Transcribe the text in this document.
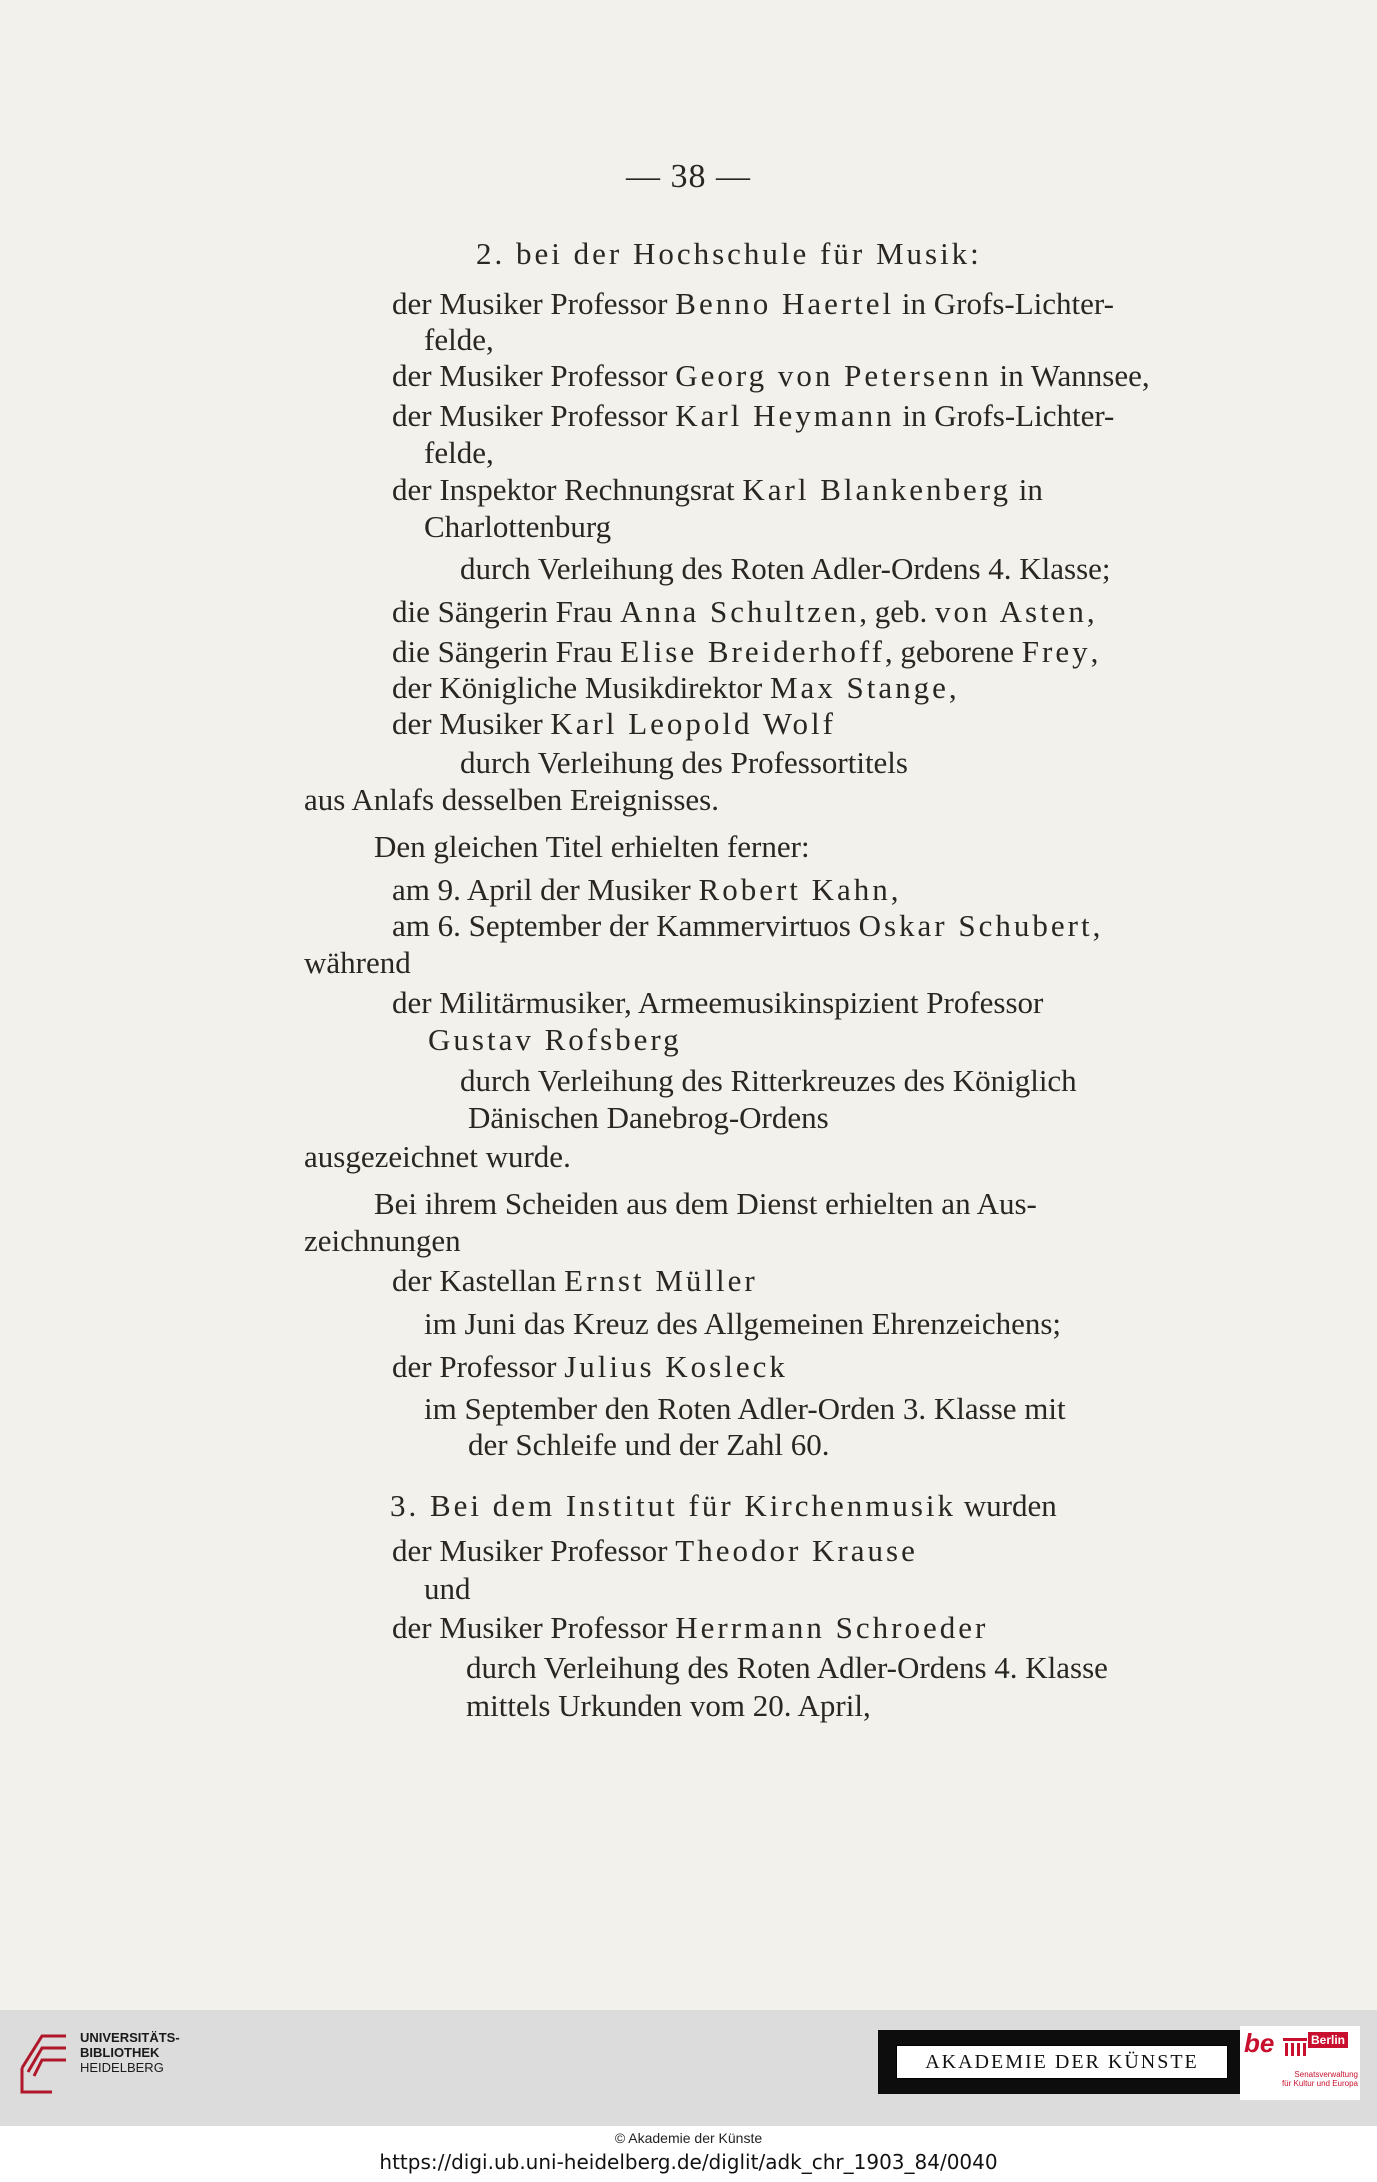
— 38 —
2. bei der Hochschule für Musik:
der Musiker Professor Benno Haertel in Grofs-Lichter-
felde,
der Musiker Professor Georg von Petersenn in Wannsee,
der Musiker Professor Karl Heymann in Grofs-Lichter-
felde,
der Inspektor Rechnungsrat Karl Blankenberg in
Charlottenburg
durch Verleihung des Roten Adler-Ordens 4. Klasse;
die Sängerin Frau Anna Schultzen, geb. von Asten,
die Sängerin Frau Elise Breiderhoff, geborene Frey,
der Königliche Musikdirektor Max Stange,
der Musiker Karl Leopold Wolf
durch Verleihung des Professortitels
aus Anlafs desselben Ereignisses.
Den gleichen Titel erhielten ferner:
am 9. April der Musiker Robert Kahn,
am 6. September der Kammervirtuos Oskar Schubert,
während
der Militärmusiker, Armeemusikinspizient Professor
Gustav Rofsberg
durch Verleihung des Ritterkreuzes des Königlich
Dänischen Danebrog-Ordens
ausgezeichnet wurde.
Bei ihrem Scheiden aus dem Dienst erhielten an Aus-
zeichnungen
der Kastellan Ernst Müller
im Juni das Kreuz des Allgemeinen Ehrenzeichens;
der Professor Julius Kosleck
im September den Roten Adler-Orden 3. Klasse mit
der Schleife und der Zahl 60.
3. Bei dem Institut für Kirchenmusik wurden
der Musiker Professor Theodor Krause
und
der Musiker Professor Herrmann Schroeder
durch Verleihung des Roten Adler-Ordens 4. Klasse
mittels Urkunden vom 20. April,
UNIVERSITÄTS-
BIBLIOTHEK
HEIDELBERG	AKADEMIE DER KÜNSTE
be	Berlin
Senatsverwaltung
für Kultur und Europa
© Akademie der Künste
https://digi.ub.uni-heidelberg.de/diglit/adk_chr_1903_84/0040
